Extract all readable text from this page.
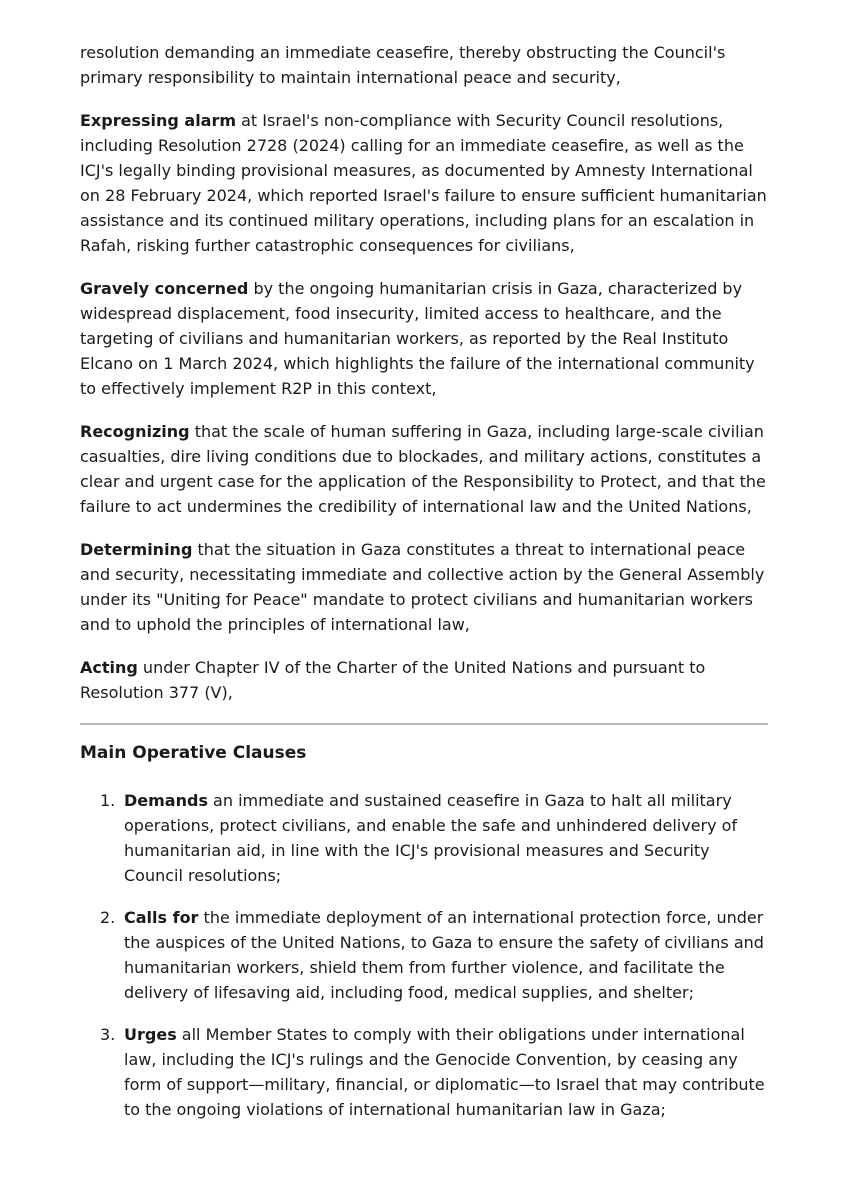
resolution demanding an immediate ceasefire, thereby obstructing the Council's primary responsibility to maintain international peace and security,

Expressing alarm at Israel's non-compliance with Security Council resolutions, including Resolution 2728 (2024) calling for an immediate ceasefire, as well as the ICJ's legally binding provisional measures, as documented by Amnesty International on 28 February 2024, which reported Israel's failure to ensure sufficient humanitarian assistance and its continued military operations, including plans for an escalation in Rafah, risking further catastrophic consequences for civilians,

Gravely concerned by the ongoing humanitarian crisis in Gaza, characterized by widespread displacement, food insecurity, limited access to healthcare, and the targeting of civilians and humanitarian workers, as reported by the Real Instituto Elcano on 1 March 2024, which highlights the failure of the international community to effectively implement R2P in this context,

Recognizing that the scale of human suffering in Gaza, including large-scale civilian casualties, dire living conditions due to blockades, and military actions, constitutes a clear and urgent case for the application of the Responsibility to Protect, and that the failure to act undermines the credibility of international law and the United Nations,

Determining that the situation in Gaza constitutes a threat to international peace and security, necessitating immediate and collective action by the General Assembly under its "Uniting for Peace" mandate to protect civilians and humanitarian workers and to uphold the principles of international law,

Acting under Chapter IV of the Charter of the United Nations and pursuant to Resolution 377 (V),

Main Operative Clauses
1. Demands an immediate and sustained ceasefire in Gaza to halt all military operations, protect civilians, and enable the safe and unhindered delivery of humanitarian aid, in line with the ICJ's provisional measures and Security Council resolutions;
2. Calls for the immediate deployment of an international protection force, under the auspices of the United Nations, to Gaza to ensure the safety of civilians and humanitarian workers, shield them from further violence, and facilitate the delivery of lifesaving aid, including food, medical supplies, and shelter;
3. Urges all Member States to comply with their obligations under international law, including the ICJ's rulings and the Genocide Convention, by ceasing any form of support—military, financial, or diplomatic—to Israel that may contribute to the ongoing violations of international humanitarian law in Gaza;
